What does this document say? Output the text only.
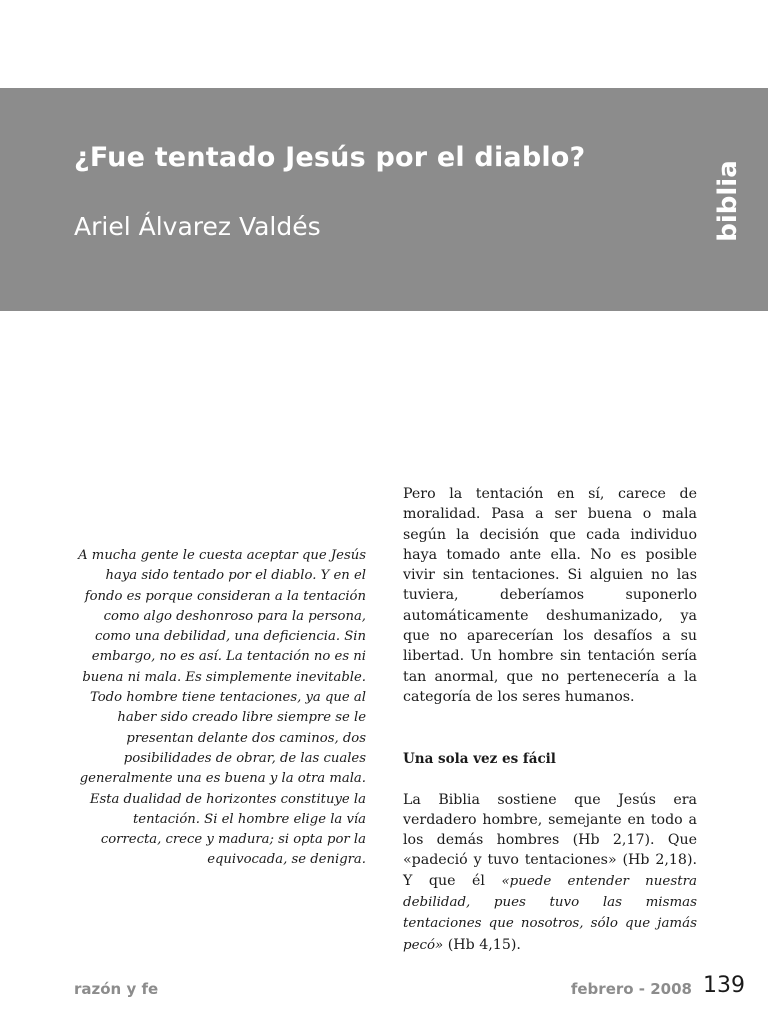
¿Fue tentado Jesús por el diablo?
Ariel Álvarez Valdés	biblia

A mucha gente le cuesta aceptar que Jesús haya sido tentado por el diablo. Y en el fondo es porque consideran a la tentación como algo deshonroso para la persona, como una debilidad, una deficiencia. Sin embargo, no es así. La tentación no es ni buena ni mala. Es simplemente inevitable. Todo hombre tiene tentaciones, ya que al haber sido creado libre siempre se le presentan delante dos caminos, dos posibilidades de obrar, de las cuales generalmente una es buena y la otra mala. Esta dualidad de horizontes constituye la tentación. Si el hombre elige la vía correcta, crece y madura; si opta por la equivocada, se denigra.

Pero la tentación en sí, carece de moralidad. Pasa a ser buena o mala según la decisión que cada individuo haya tomado ante ella. No es posible vivir sin tentaciones. Si alguien no las tuviera, deberíamos suponerlo automáticamente deshumanizado, ya que no aparecerían los desafíos a su libertad. Un hombre sin tentación sería tan anormal, que no pertenecería a la categoría de los seres humanos.

Una sola vez es fácil

La Biblia sostiene que Jesús era verdadero hombre, semejante en todo a los demás hombres (Hb 2,17). Que «padeció y tuvo tentaciones» (Hb 2,18). Y que él «puede entender nuestra debilidad, pues tuvo las mismas tentaciones que nosotros, sólo que jamás pecó» (Hb 4,15).

razón y fe	febrero - 2008 139
